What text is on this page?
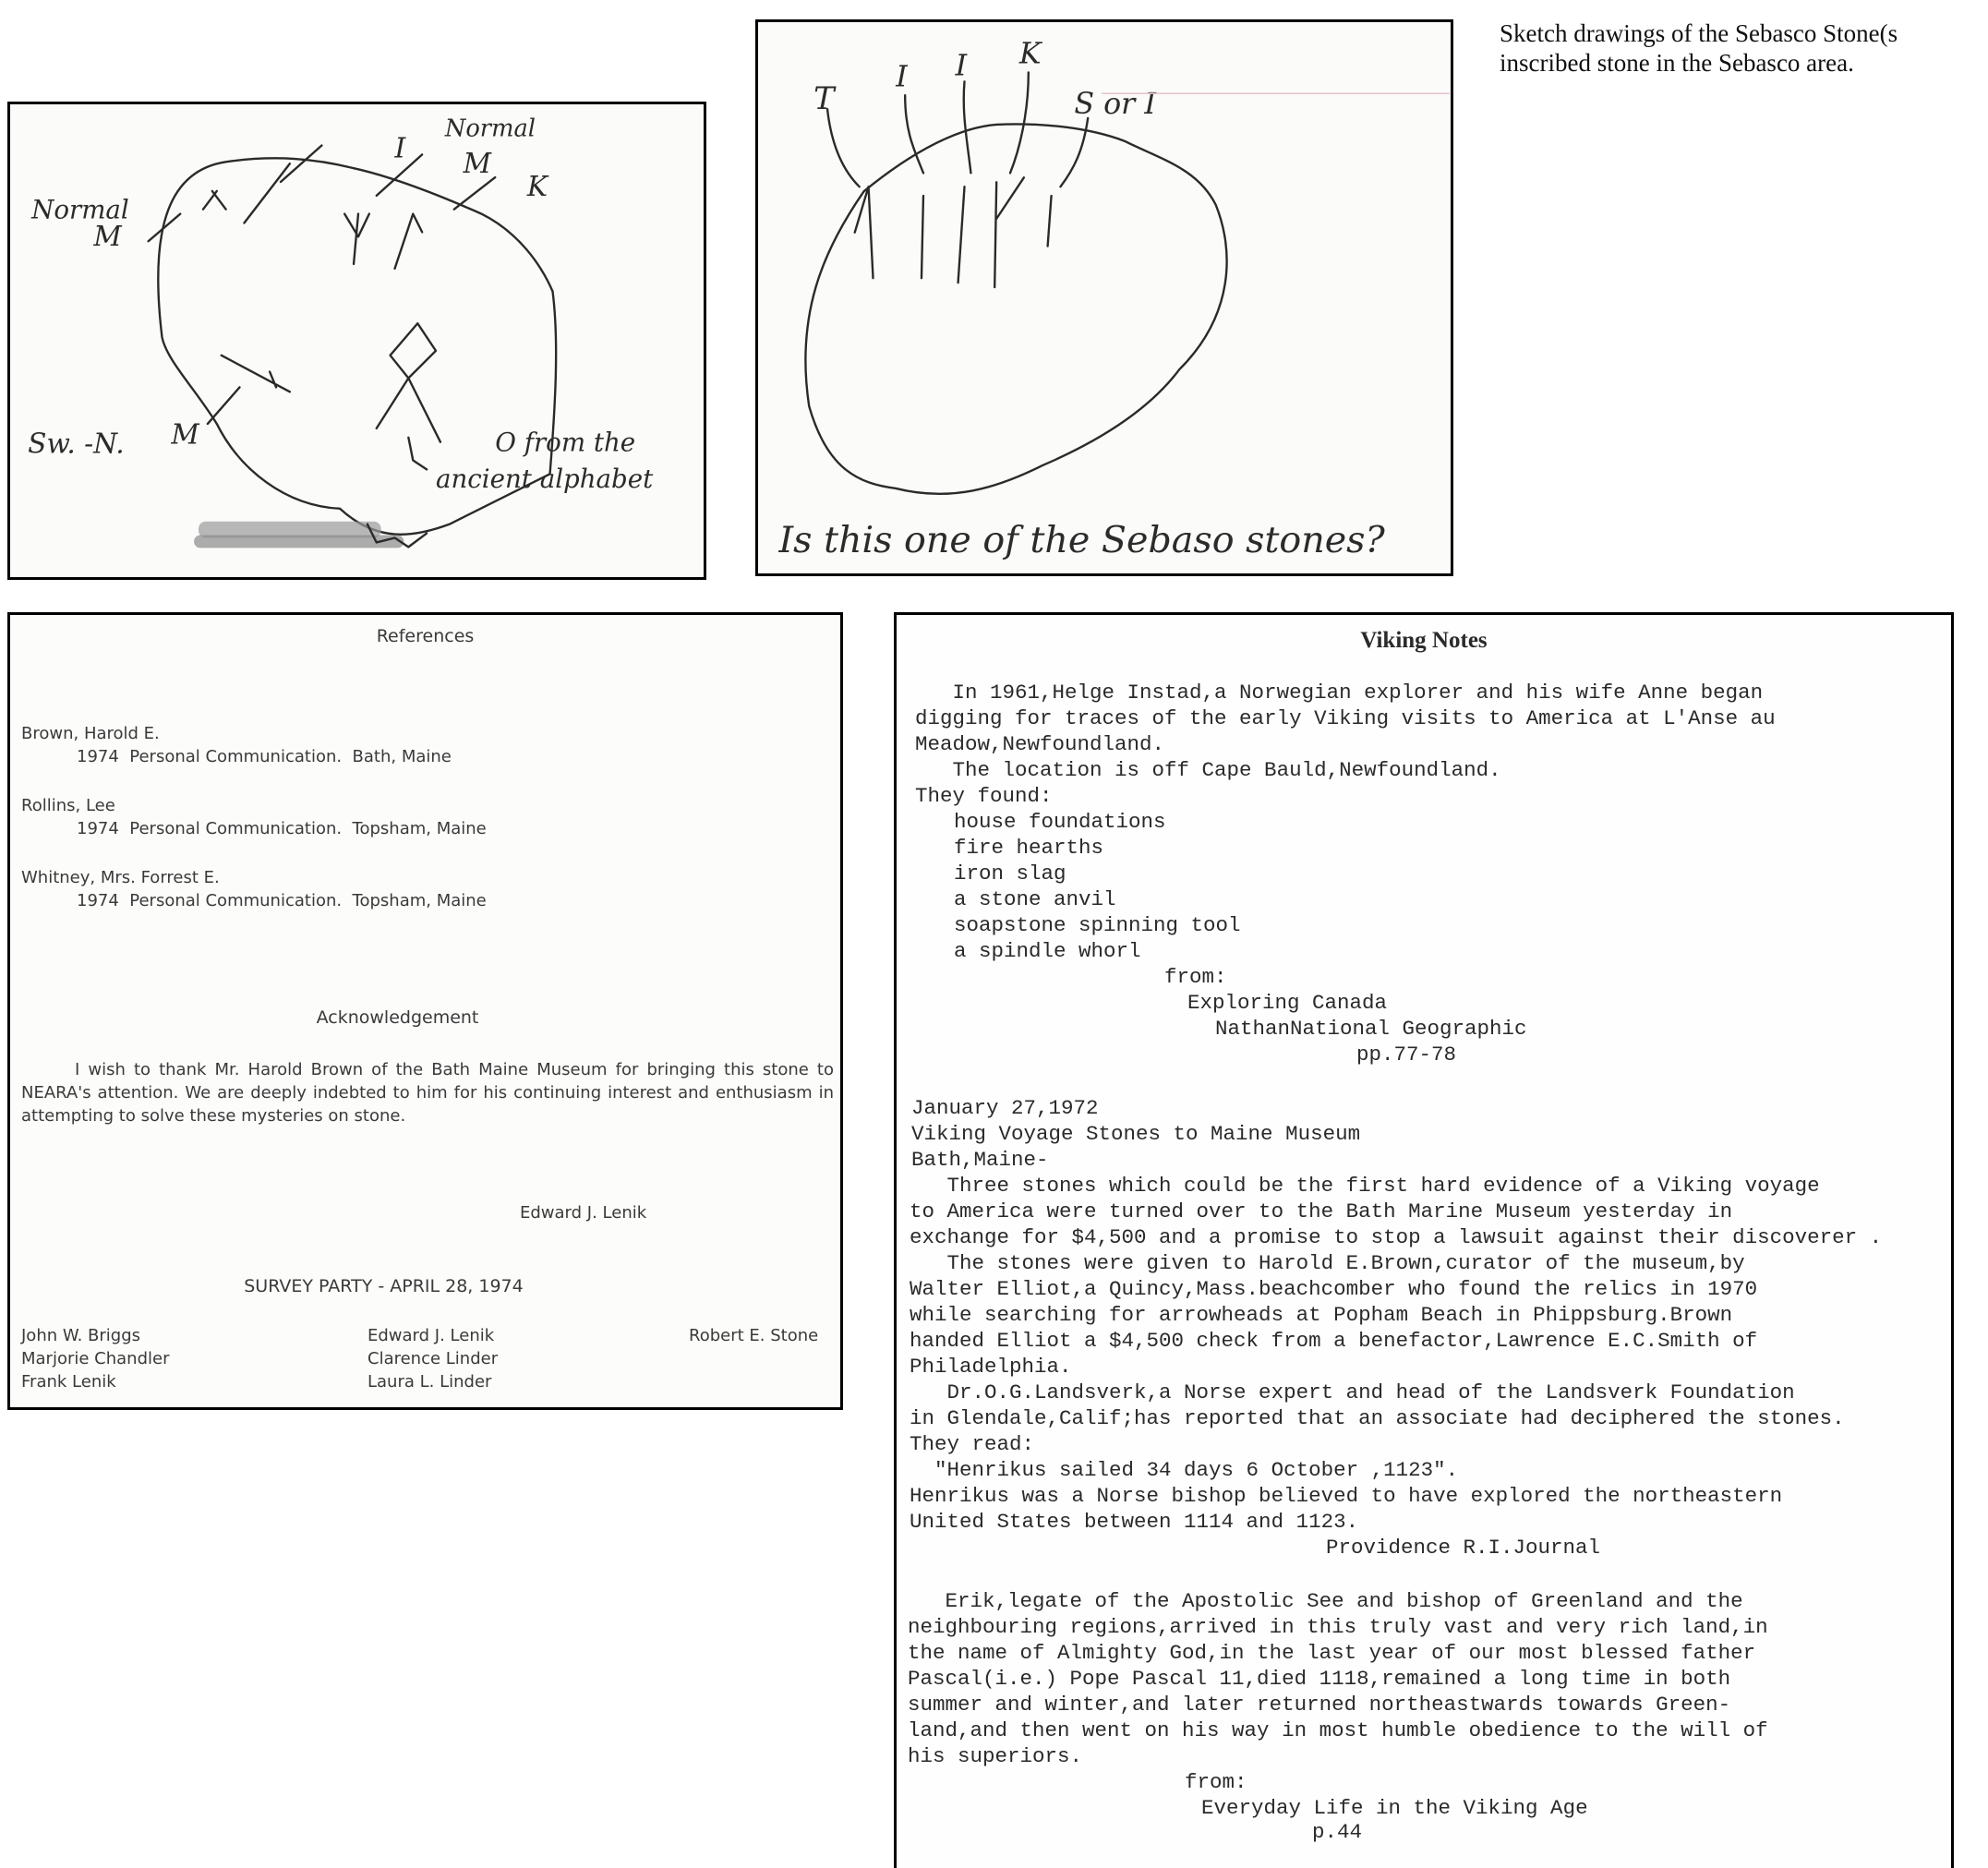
Sketch drawings of the Sebasco Stone(s
inscribed stone in the Sebasco area.
Normal
M
I
Normal
M
K
Sw. -N. M	O from the
ancient alphabet
T
I I K
S or I
Is this one of the Sebaso stones?
References
Brown, Harold E.
1974  Personal Communication.  Bath, Maine
Rollins, Lee
1974  Personal Communication.  Topsham, Maine
Whitney, Mrs. Forrest E.
1974  Personal Communication.  Topsham, Maine
Acknowledgement
I wish to thank Mr. Harold Brown of the Bath Maine Museum for bringing this stone to NEARA's attention. We are deeply indebted to him for his continuing interest and enthusiasm in attempting to solve these mysteries on stone.
Edward J. Lenik
SURVEY PARTY - APRIL 28, 1974
John W. Briggs
Marjorie Chandler
Frank Lenik
Edward J. Lenik
Clarence Linder
Laura L. Linder
Robert E. Stone
Viking Notes
In 1961,Helge Instad,a Norwegian explorer and his wife Anne began
digging for traces of the early Viking visits to America at L'Anse au
Meadow,Newfoundland.
The location is off Cape Bauld,Newfoundland.
They found:
house foundations
fire hearths
iron slag
a stone anvil
soapstone spinning tool
a spindle whorl
from:
Exploring Canada
NathanNational Geographic
pp.77-78
January 27,1972
Viking Voyage Stones to Maine Museum
Bath,Maine-
Three stones which could be the first hard evidence of a Viking voyage
to America were turned over to the Bath Marine Museum yesterday in
exchange for $4,500 and a promise to stop a lawsuit against their discoverer .
The stones were given to Harold E.Brown,curator of the museum,by
Walter Elliot,a Quincy,Mass.beachcomber who found the relics in 1970
while searching for arrowheads at Popham Beach in Phippsburg.Brown
handed Elliot a $4,500 check from a benefactor,Lawrence E.C.Smith of
Philadelphia.
Dr.O.G.Landsverk,a Norse expert and head of the Landsverk Foundation
in Glendale,Calif;has reported that an associate had deciphered the stones.
They read:
"Henrikus sailed 34 days 6 October ,1123".
Henrikus was a Norse bishop believed to have explored the northeastern
United States between 1114 and 1123.
Providence R.I.Journal
Erik,legate of the Apostolic See and bishop of Greenland and the
neighbouring regions,arrived in this truly vast and very rich land,in
the name of Almighty God,in the last year of our most blessed father
Pascal(i.e.) Pope Pascal 11,died 1118,remained a long time in both
summer and winter,and later returned northeastwards towards Green-
land,and then went on his way in most humble obedience to the will of
his superiors.
from:
Everyday Life in the Viking Age
p.44
